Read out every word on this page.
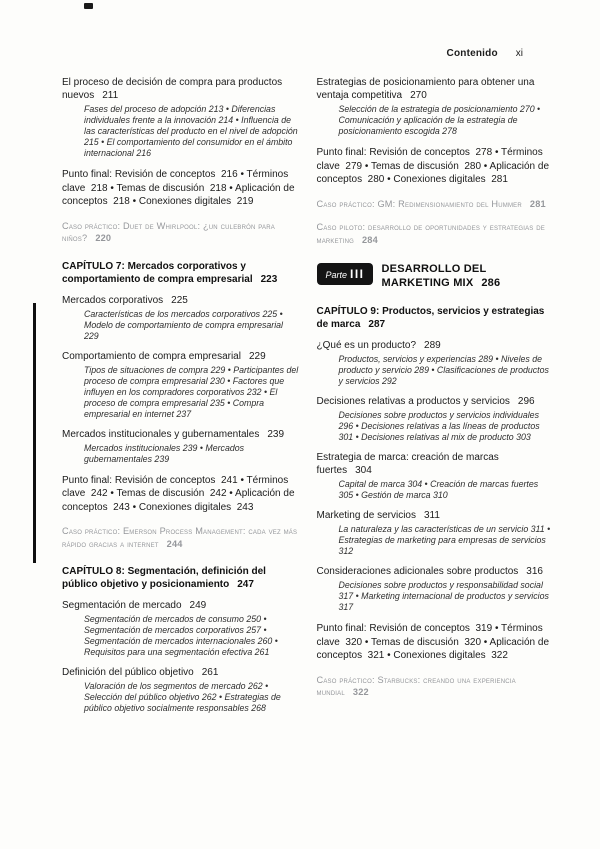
Contenido xi
El proceso de decisión de compra para productos nuevos 211
Fases del proceso de adopción 213 • Diferencias individuales frente a la innovación 214 • Influencia de las características del producto en el nivel de adopción 215 • El comportamiento del consumidor en el ámbito internacional 216
Punto final: Revisión de conceptos  216 • Términos clave  218 • Temas de discusión  218 • Aplicación de conceptos  218 • Conexiones digitales  219
Caso práctico: Duet de Whirlpool: ¿un culebrón para niños? 220
CAPÍTULO 7: Mercados corporativos y comportamiento de compra empresarial 223
Mercados corporativos 225
Características de los mercados corporativos 225 • Modelo de comportamiento de compra empresarial 229
Comportamiento de compra empresarial 229
Tipos de situaciones de compra 229 • Participantes del proceso de compra empresarial 230 • Factores que influyen en los compradores corporativos 232 • El proceso de compra empresarial 235 • Compra empresarial en internet 237
Mercados institucionales y gubernamentales 239
Mercados institucionales 239 • Mercados gubernamentales 239
Punto final: Revisión de conceptos  241 • Términos clave  242 • Temas de discusión  242 • Aplicación de conceptos  243 • Conexiones digitales  243
Caso práctico: Emerson Process Management: cada vez más rápido gracias a internet 244
CAPÍTULO 8: Segmentación, definición del público objetivo y posicionamiento 247
Segmentación de mercado 249
Segmentación de mercados de consumo 250 • Segmentación de mercados corporativos 257 • Segmentación de mercados internacionales 260 • Requisitos para una segmentación efectiva 261
Definición del público objetivo 261
Valoración de los segmentos de mercado 262 • Selección del público objetivo 262 • Estrategias de público objetivo socialmente responsables 268
Estrategias de posicionamiento para obtener una ventaja competitiva 270
Selección de la estrategia de posicionamiento 270 • Comunicación y aplicación de la estrategia de posicionamiento escogida 278
Punto final: Revisión de conceptos  278 • Términos clave  279 • Temas de discusión  280 • Aplicación de conceptos  280 • Conexiones digitales  281
Caso práctico: GM: Redimensionamiento del Hummer 281
Caso piloto: desarrollo de oportunidades y estrategias de marketing 284
Parte III DESARROLLO DEL MARKETING MIX 286
CAPÍTULO 9: Productos, servicios y estrategias de marca 287
¿Qué es un producto? 289
Productos, servicios y experiencias 289 • Niveles de producto y servicio 289 • Clasificaciones de productos y servicios 292
Decisiones relativas a productos y servicios 296
Decisiones sobre productos y servicios individuales 296 • Decisiones relativas a las líneas de productos 301 • Decisiones relativas al mix de producto 303
Estrategia de marca: creación de marcas fuertes 304
Capital de marca 304 • Creación de marcas fuertes 305 • Gestión de marca 310
Marketing de servicios 311
La naturaleza y las características de un servicio 311 • Estrategias de marketing para empresas de servicios 312
Consideraciones adicionales sobre productos 316
Decisiones sobre productos y responsabilidad social 317 • Marketing internacional de productos y servicios 317
Punto final: Revisión de conceptos  319 • Términos clave  320 • Temas de discusión  320 • Aplicación de conceptos  321 • Conexiones digitales  322
Caso práctico: Starbucks: creando una experiencia mundial 322
